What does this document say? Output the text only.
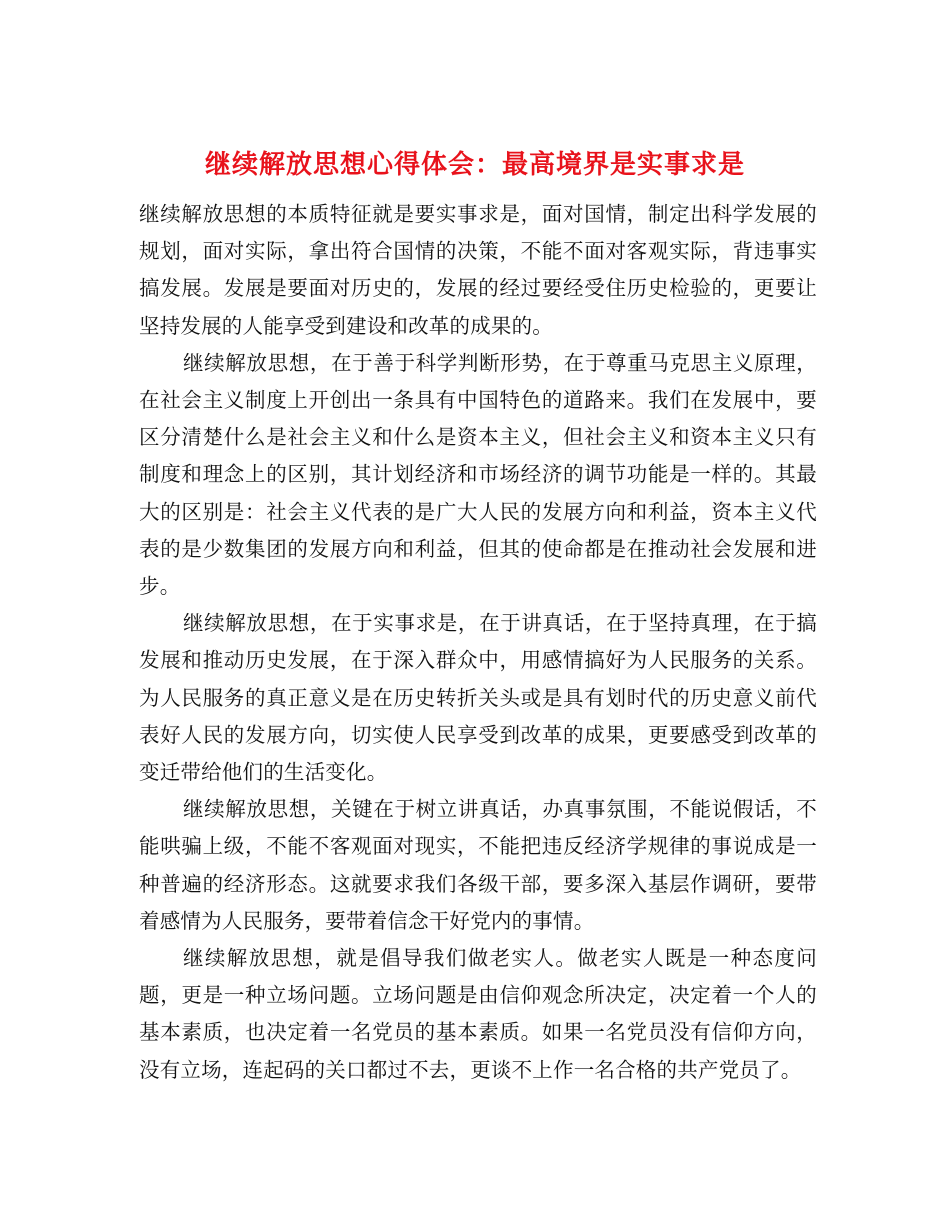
继续解放思想心得体会：最高境界是实事求是

继续解放思想的本质特征就是要实事求是，面对国情，制定出科学发展的规划，面对实际，拿出符合国情的决策，不能不面对客观实际，背违事实搞发展。发展是要面对历史的，发展的经过要经受住历史检验的，更要让坚持发展的人能享受到建设和改革的成果的。

继续解放思想，在于善于科学判断形势，在于尊重马克思主义原理，在社会主义制度上开创出一条具有中国特色的道路来。我们在发展中，要区分清楚什么是社会主义和什么是资本主义，但社会主义和资本主义只有制度和理念上的区别，其计划经济和市场经济的调节功能是一样的。其最大的区别是：社会主义代表的是广大人民的发展方向和利益，资本主义代表的是少数集团的发展方向和利益，但其的使命都是在推动社会发展和进步。

继续解放思想，在于实事求是，在于讲真话，在于坚持真理，在于搞发展和推动历史发展，在于深入群众中，用感情搞好为人民服务的关系。为人民服务的真正意义是在历史转折关头或是具有划时代的历史意义前代表好人民的发展方向，切实使人民享受到改革的成果，更要感受到改革的变迁带给他们的生活变化。

继续解放思想，关键在于树立讲真话，办真事氛围，不能说假话，不能哄骗上级，不能不客观面对现实，不能把违反经济学规律的事说成是一种普遍的经济形态。这就要求我们各级干部，要多深入基层作调研，要带着感情为人民服务，要带着信念干好党内的事情。

继续解放思想，就是倡导我们做老实人。做老实人既是一种态度问题，更是一种立场问题。立场问题是由信仰观念所决定，决定着一个人的基本素质，也决定着一名党员的基本素质。如果一名党员没有信仰方向，没有立场，连起码的关口都过不去，更谈不上作一名合格的共产党员了。
